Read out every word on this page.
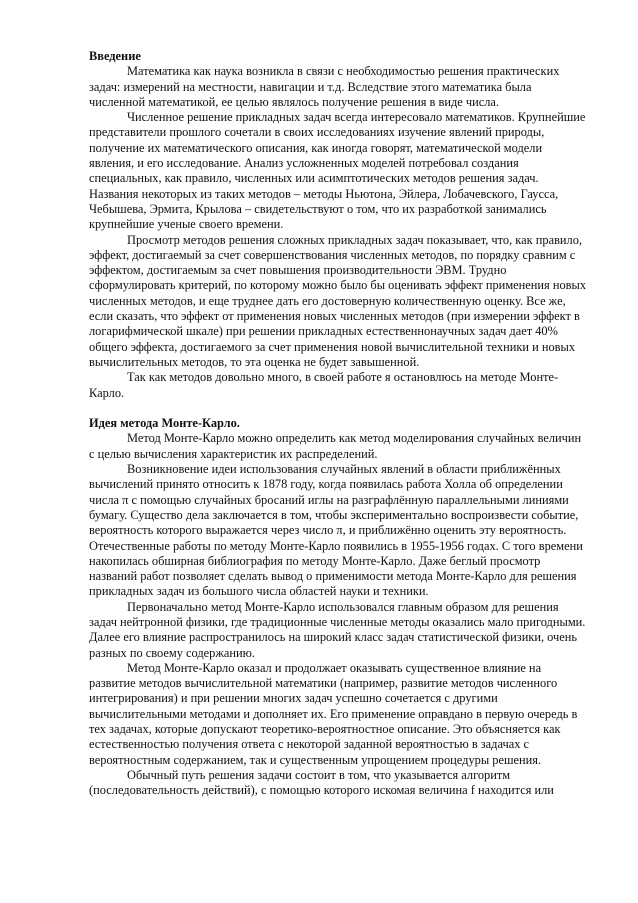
Введение

Математика как наука возникла в связи с необходимостью решения практических задач: измерений на местности, навигации и т.д. Вследствие этого математика была численной математикой, ее целью являлось получение решения в виде числа.

Численное решение прикладных задач всегда интересовало математиков. Крупнейшие представители прошлого сочетали в своих исследованиях изучение явлений природы, получение их математического описания, как иногда говорят, математической модели явления, и его исследование. Анализ усложненных моделей потребовал создания специальных, как правило, численных или асимптотических методов решения задач. Названия некоторых из таких методов – методы Ньютона, Эйлера, Лобачевского, Гаусса, Чебышева, Эрмита, Крылова – свидетельствуют о том, что их разработкой занимались крупнейшие ученые своего времени.

Просмотр методов решения сложных прикладных задач показывает, что, как правило, эффект, достигаемый за счет совершенствования численных методов, по порядку сравним с эффектом, достигаемым за счет повышения производительности ЭВМ. Трудно сформулировать критерий, по которому можно было бы оценивать эффект применения новых численных методов, и еще труднее дать его достоверную количественную оценку. Все же, если сказать, что эффект от применения новых численных методов (при измерении эффект в логарифмической шкале) при решении прикладных естественнонаучных задач дает 40% общего эффекта, достигаемого за счет применения новой вычислительной техники и новых вычислительных методов, то эта оценка не будет завышенной.

Так как методов довольно много, в своей работе я остановлюсь на методе Монте-Карло.

Идея метода Монте-Карло.

Метод Монте-Карло можно определить как метод моделирования случайных величин с целью вычисления характеристик их распределений.

Возникновение идеи использования случайных явлений в области приближённых вычислений принято относить к 1878 году, когда появилась работа Холла об определении числа π с помощью случайных бросаний иглы на разграфлённую параллельными линиями бумагу. Существо дела заключается в том, чтобы экспериментально воспроизвести событие, вероятность которого выражается через число π, и приближённо оценить эту вероятность. Отечественные работы по методу Монте-Карло появились в 1955-1956 годах. С того времени накопилась обширная библиография по методу Монте-Карло. Даже беглый просмотр названий работ позволяет сделать вывод о применимости метода Монте-Карло для решения прикладных задач из большого числа областей науки и техники.

Первоначально метод Монте-Карло использовался главным образом для решения задач нейтронной физики, где традиционные численные методы оказались мало пригодными. Далее его влияние распространилось на широкий класс задач статистической физики, очень разных по своему содержанию.

Метод Монте-Карло оказал и продолжает оказывать существенное влияние на развитие методов вычислительной математики (например, развитие методов численного интегрирования) и при решении многих задач успешно сочетается с другими вычислительными методами и дополняет их. Его применение оправдано в первую очередь в тех задачах, которые допускают теоретико-вероятностное описание. Это объясняется как естественностью получения ответа с некоторой заданной вероятностью в задачах с вероятностным содержанием, так и существенным упрощением процедуры решения.

Обычный путь решения задачи состоит в том, что указывается алгоритм (последовательность действий), с помощью которого искомая величина f находится или
